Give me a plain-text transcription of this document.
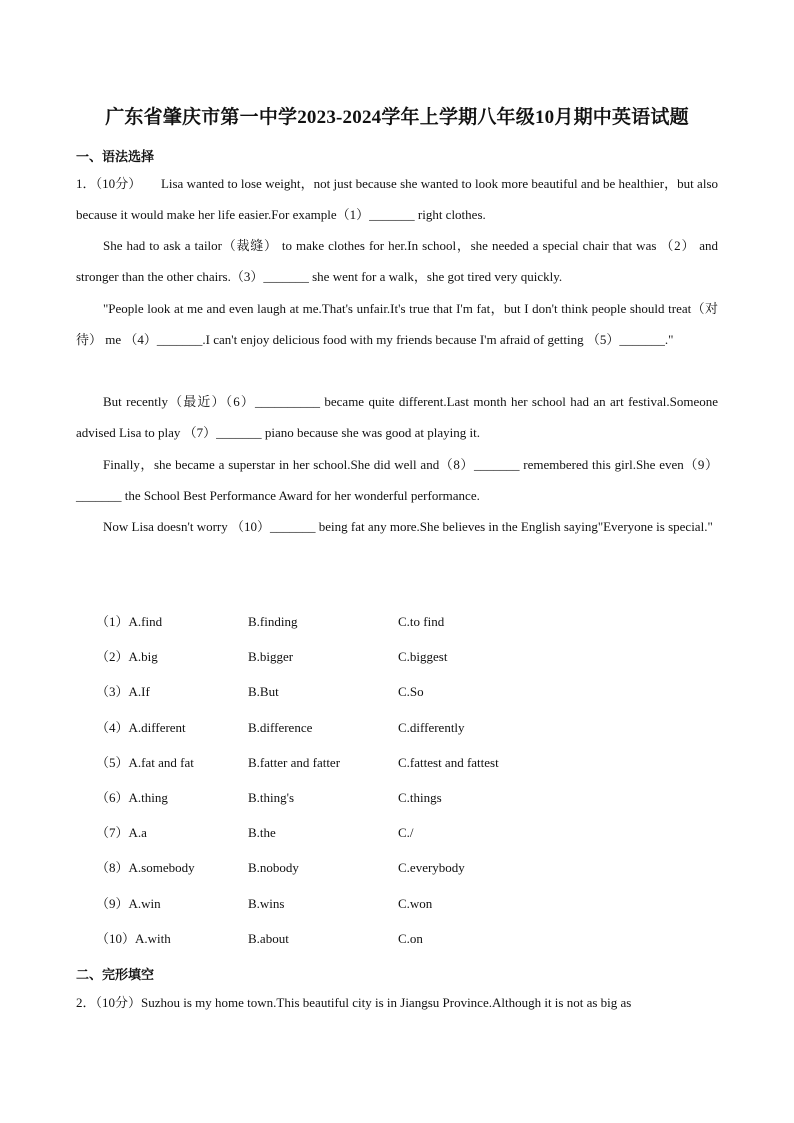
广东省肇庆市第一中学2023-2024学年上学期八年级10月期中英语试题
一、语法选择
1．（10分）　　Lisa wanted to lose weight，not just because she wanted to look more beautiful and be healthier，but also because it would make her life easier.For example（1）_______ right clothes.
She had to ask a tailor（裁缝） to make clothes for her.In school，she needed a special chair that was （2） and stronger than the other chairs.（3）_______ she went for a walk，she got tired very quickly.
"People look at me and even laugh at me.That's unfair.It's true that I'm fat，but I don't think people should treat（对待） me （4）_______.I can't enjoy delicious food with my friends because I'm afraid of getting （5）_______."
But recently（最近）（6）__________ became quite different.Last month her school had an art festival.Someone advised Lisa to play （7）_______ piano because she was good at playing it.
Finally，she became a superstar in her school.She did well and（8）_______ remembered this girl.She even（9）_______ the School Best Performance Award for her wonderful performance.
Now Lisa doesn't worry （10）_______ being fat any more.She believes in the English saying"Everyone is special."
（1）A.find	B.finding	C.to find
（2）A.big	B.bigger	C.biggest
（3）A.If	B.But	C.So
（4）A.different	B.difference	C.differently
（5）A.fat and fat	B.fatter and fatter	C.fattest and fattest
（6）A.thing	B.thing's	C.things
（7）A.a	B.the	C./
（8）A.somebody	B.nobody	C.everybody
（9）A.win	B.wins	C.won
（10）A.with	B.about	C.on
二、完形填空
2．（10分）Suzhou is my home town.This beautiful city is in Jiangsu Province.Although it is not as big as
